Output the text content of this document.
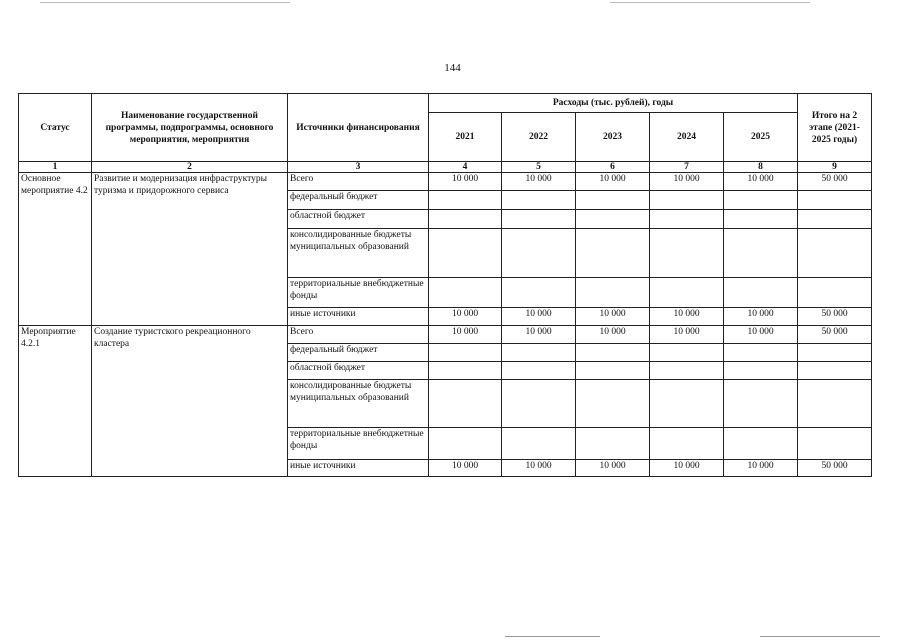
144
Статус	Наименование государственной программы, подпрограммы, основного мероприятия, мероприятия	Источники финансирования	Расходы (тыс. рублей), годы					Итого на 2 этапе (2021-2025 годы)
			2021	2022	2023	2024	2025	
1	2	3	4	5	6	7	8	9
Основное мероприятие 4.2	Развитие и модернизация инфраструктуры туризма и придорожного сервиса	Всего	10 000	10 000	10 000	10 000	10 000	50 000
		федеральный бюджет						
		областной бюджет						
		консолидированные бюджеты муниципальных образований						
		территориальные внебюджетные фонды						
		иные источники	10 000	10 000	10 000	10 000	10 000	50 000
Мероприятие 4.2.1	Создание туристского рекреационного кластера	Всего	10 000	10 000	10 000	10 000	10 000	50 000
		федеральный бюджет						
		областной бюджет						
		консолидированные бюджеты муниципальных образований						
		территориальные внебюджетные фонды						
		иные источники	10 000	10 000	10 000	10 000	10 000	50 000
